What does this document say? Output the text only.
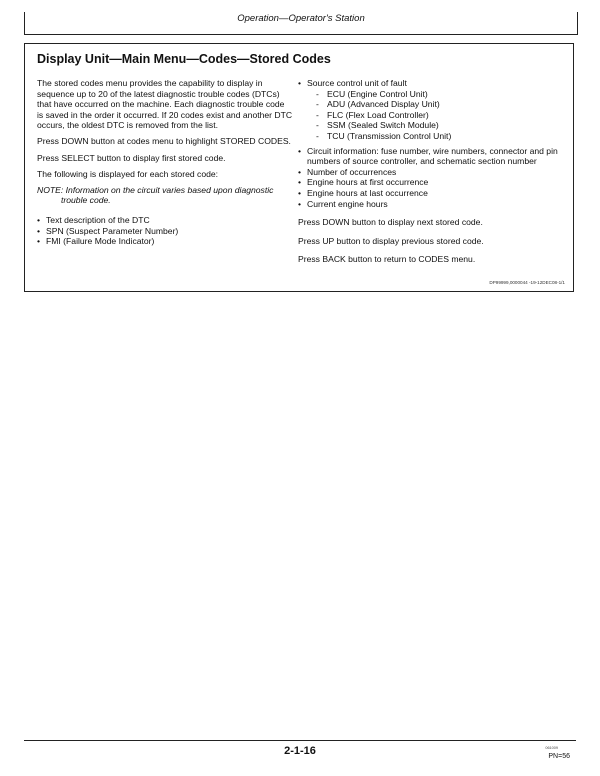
Operation—Operator's Station
Display Unit—Main Menu—Codes—Stored Codes

The stored codes menu provides the capability to display in sequence up to 20 of the latest diagnostic trouble codes (DTCs) that have occurred on the machine. Each diagnostic trouble code is saved in the order it occurred. If 20 codes exist and another DTC occurs, the oldest DTC is removed from the list.

Press DOWN button at codes menu to highlight STORED CODES.

Press SELECT button to display first stored code.

The following is displayed for each stored code:

NOTE: Information on the circuit varies based upon diagnostic trouble code.

• Text description of the DTC
• SPN (Suspect Parameter Number)
• FMI (Failure Mode Indicator)
• Source control unit of fault
- ECU (Engine Control Unit)
- ADU (Advanced Display Unit)
- FLC (Flex Load Controller)
- SSM (Sealed Switch Module)
- TCU (Transmission Control Unit)
• Circuit information: fuse number, wire numbers, connector and pin numbers of source controller, and schematic section number
• Number of occurrences
• Engine hours at first occurrence
• Engine hours at last occurrence
• Current engine hours

Press DOWN button to display next stored code.

Press UP button to display previous stored code.

Press BACK button to return to CODES menu.

DP99999,0000044 -19-12DEC08-1/1
2-1-16	061009
PN=56
